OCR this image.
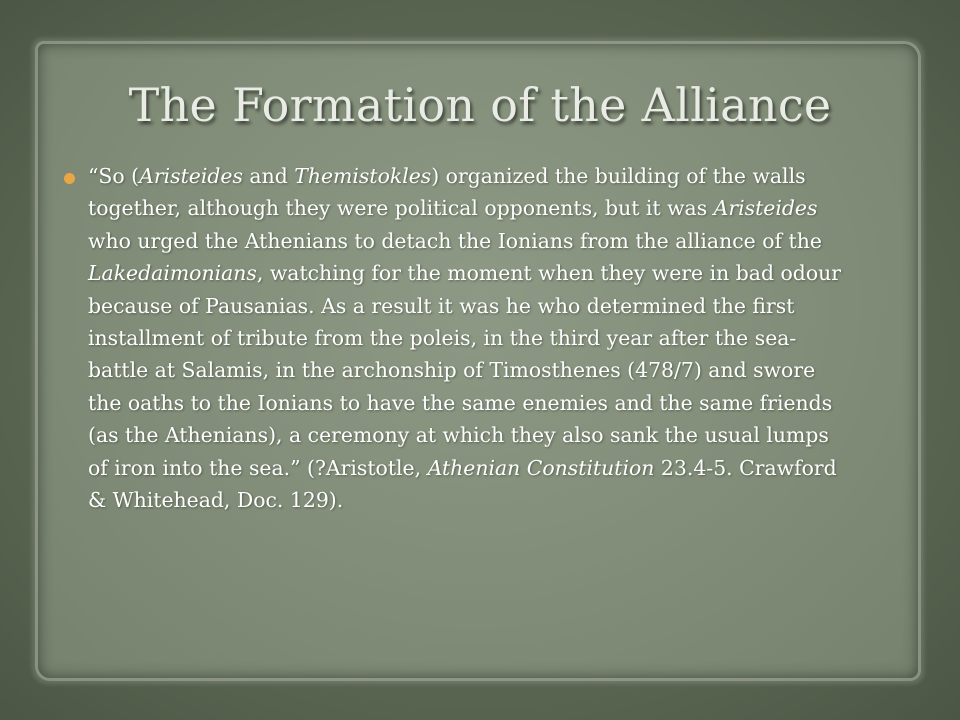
The Formation of the Alliance

“So (Aristeides and Themistokles) organized the building of the walls together, although they were political opponents, but it was Aristeides who urged the Athenians to detach the Ionians from the alliance of the Lakedaimonians, watching for the moment when they were in bad odour because of Pausanias. As a result it was he who determined the first installment of tribute from the poleis, in the third year after the sea-battle at Salamis, in the archonship of Timosthenes (478/7) and swore the oaths to the Ionians to have the same enemies and the same friends (as the Athenians), a ceremony at which they also sank the usual lumps of iron into the sea.” (?Aristotle, Athenian Constitution 23.4-5. Crawford & Whitehead, Doc. 129).
